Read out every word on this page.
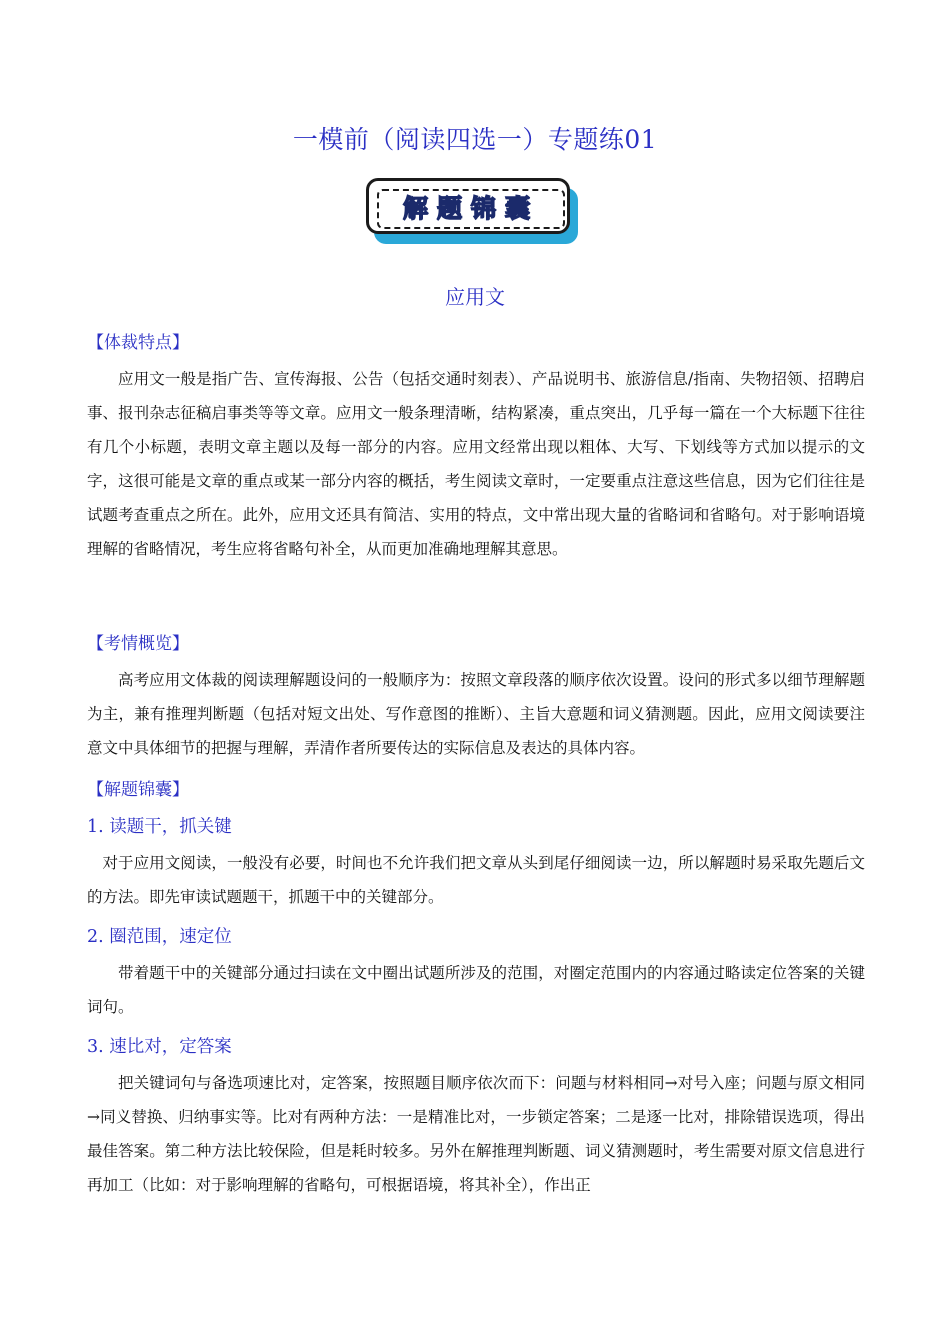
一模前（阅读四选一）专题练01
解题锦囊
应用文
【体裁特点】
应用文一般是指广告、宣传海报、公告（包括交通时刻表）、产品说明书、旅游信息/指南、失物招领、招聘启事、报刊杂志征稿启事类等等文章。应用文一般条理清晰，结构紧凑，重点突出，几乎每一篇在一个大标题下往往有几个小标题，表明文章主题以及每一部分的内容。应用文经常出现以粗体、大写、下划线等方式加以提示的文字，这很可能是文章的重点或某一部分内容的概括，考生阅读文章时，一定要重点注意这些信息，因为它们往往是试题考查重点之所在。此外，应用文还具有简洁、实用的特点，文中常出现大量的省略词和省略句。对于影响语境理解的省略情况，考生应将省略句补全，从而更加准确地理解其意思。
【考情概览】
高考应用文体裁的阅读理解题设问的一般顺序为：按照文章段落的顺序依次设置。设问的形式多以细节理解题为主，兼有推理判断题（包括对短文出处、写作意图的推断）、主旨大意题和词义猜测题。因此，应用文阅读要注意文中具体细节的把握与理解，弄清作者所要传达的实际信息及表达的具体内容。
【解题锦囊】
1. 读题干，抓关键
对于应用文阅读，一般没有必要，时间也不允许我们把文章从头到尾仔细阅读一边，所以解题时易采取先题后文的方法。即先审读试题题干，抓题干中的关键部分。
2. 圈范围，速定位
带着题干中的关键部分通过扫读在文中圈出试题所涉及的范围，对圈定范围内的内容通过略读定位答案的关键词句。
3. 速比对，定答案
把关键词句与备选项速比对，定答案，按照题目顺序依次而下：问题与材料相同→对号入座；问题与原文相同→同义替换、归纳事实等。比对有两种方法：一是精准比对，一步锁定答案；二是逐一比对，排除错误选项，得出最佳答案。第二种方法比较保险，但是耗时较多。另外在解推理判断题、词义猜测题时，考生需要对原文信息进行再加工（比如：对于影响理解的省略句，可根据语境，将其补全），作出正
